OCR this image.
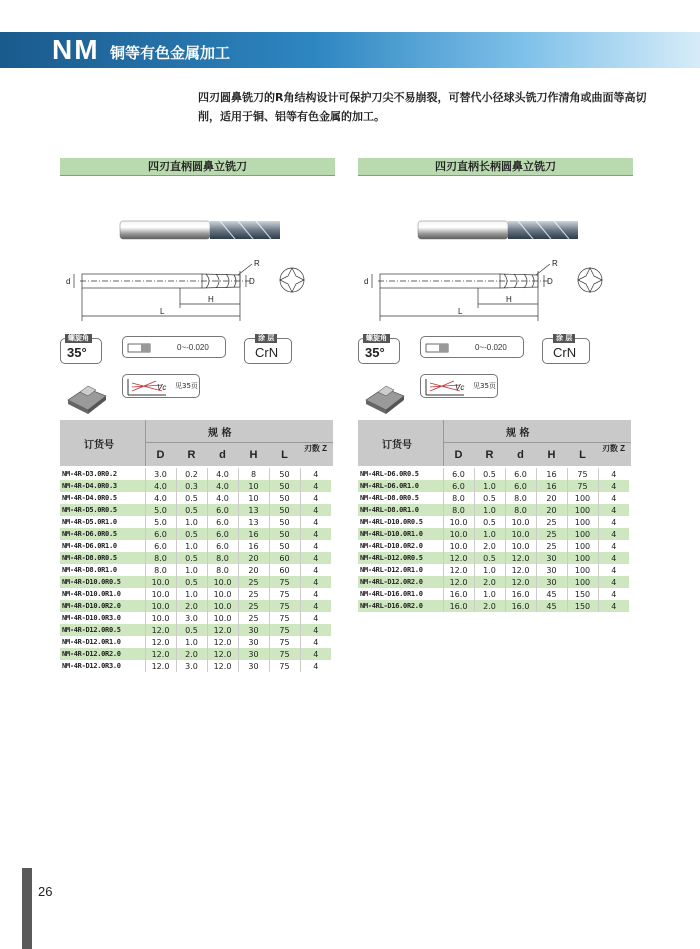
NM 铜等有色金属加工
四刃圆鼻铣刀的R角结构设计可保护刀尖不易崩裂，可替代小径球头铣刀作清角或曲面等高切削，适用于铜、铝等有色金属的加工。
四刃直柄圆鼻立铣刀
d	D
R
H
L
螺旋角
35°	0~-0.020
涂 层
CrN
Vc 见35页
订货号
规 格
D	R	d	H	L
刃数 Z
NM-4R-D3.0R0.2	3.0	0.2	4.0	8	50	4
NM-4R-D4.0R0.3	4.0	0.3	4.0	10	50	4
NM-4R-D4.0R0.5	4.0	0.5	4.0	10	50	4
NM-4R-D5.0R0.5	5.0	0.5	6.0	13	50	4
NM-4R-D5.0R1.0	5.0	1.0	6.0	13	50	4
NM-4R-D6.0R0.5	6.0	0.5	6.0	16	50	4
NM-4R-D6.0R1.0	6.0	1.0	6.0	16	50	4
NM-4R-D8.0R0.5	8.0	0.5	8.0	20	60	4
NM-4R-D8.0R1.0	8.0	1.0	8.0	20	60	4
NM-4R-D10.0R0.5	10.0	0.5	10.0	25	75	4
NM-4R-D10.0R1.0	10.0	1.0	10.0	25	75	4
NM-4R-D10.0R2.0	10.0	2.0	10.0	25	75	4
NM-4R-D10.0R3.0	10.0	3.0	10.0	25	75	4
NM-4R-D12.0R0.5	12.0	0.5	12.0	30	75	4
NM-4R-D12.0R1.0	12.0	1.0	12.0	30	75	4
NM-4R-D12.0R2.0	12.0	2.0	12.0	30	75	4
NM-4R-D12.0R3.0	12.0	3.0	12.0	30	75	4
四刃直柄长柄圆鼻立铣刀
d	D
R
H
L
螺旋角
35°	0~-0.020
涂 层
CrN
Vc 见35页
订货号
规 格
D	R	d	H	L
刃数 Z
NM-4RL-D6.0R0.5	6.0	0.5	6.0	16	75	4
NM-4RL-D6.0R1.0	6.0	1.0	6.0	16	75	4
NM-4RL-D8.0R0.5	8.0	0.5	8.0	20	100	4
NM-4RL-D8.0R1.0	8.0	1.0	8.0	20	100	4
NM-4RL-D10.0R0.5	10.0	0.5	10.0	25	100	4
NM-4RL-D10.0R1.0	10.0	1.0	10.0	25	100	4
NM-4RL-D10.0R2.0	10.0	2.0	10.0	25	100	4
NM-4RL-D12.0R0.5	12.0	0.5	12.0	30	100	4
NM-4RL-D12.0R1.0	12.0	1.0	12.0	30	100	4
NM-4RL-D12.0R2.0	12.0	2.0	12.0	30	100	4
NM-4RL-D16.0R1.0	16.0	1.0	16.0	45	150	4
NM-4RL-D16.0R2.0	16.0	2.0	16.0	45	150	4
26
